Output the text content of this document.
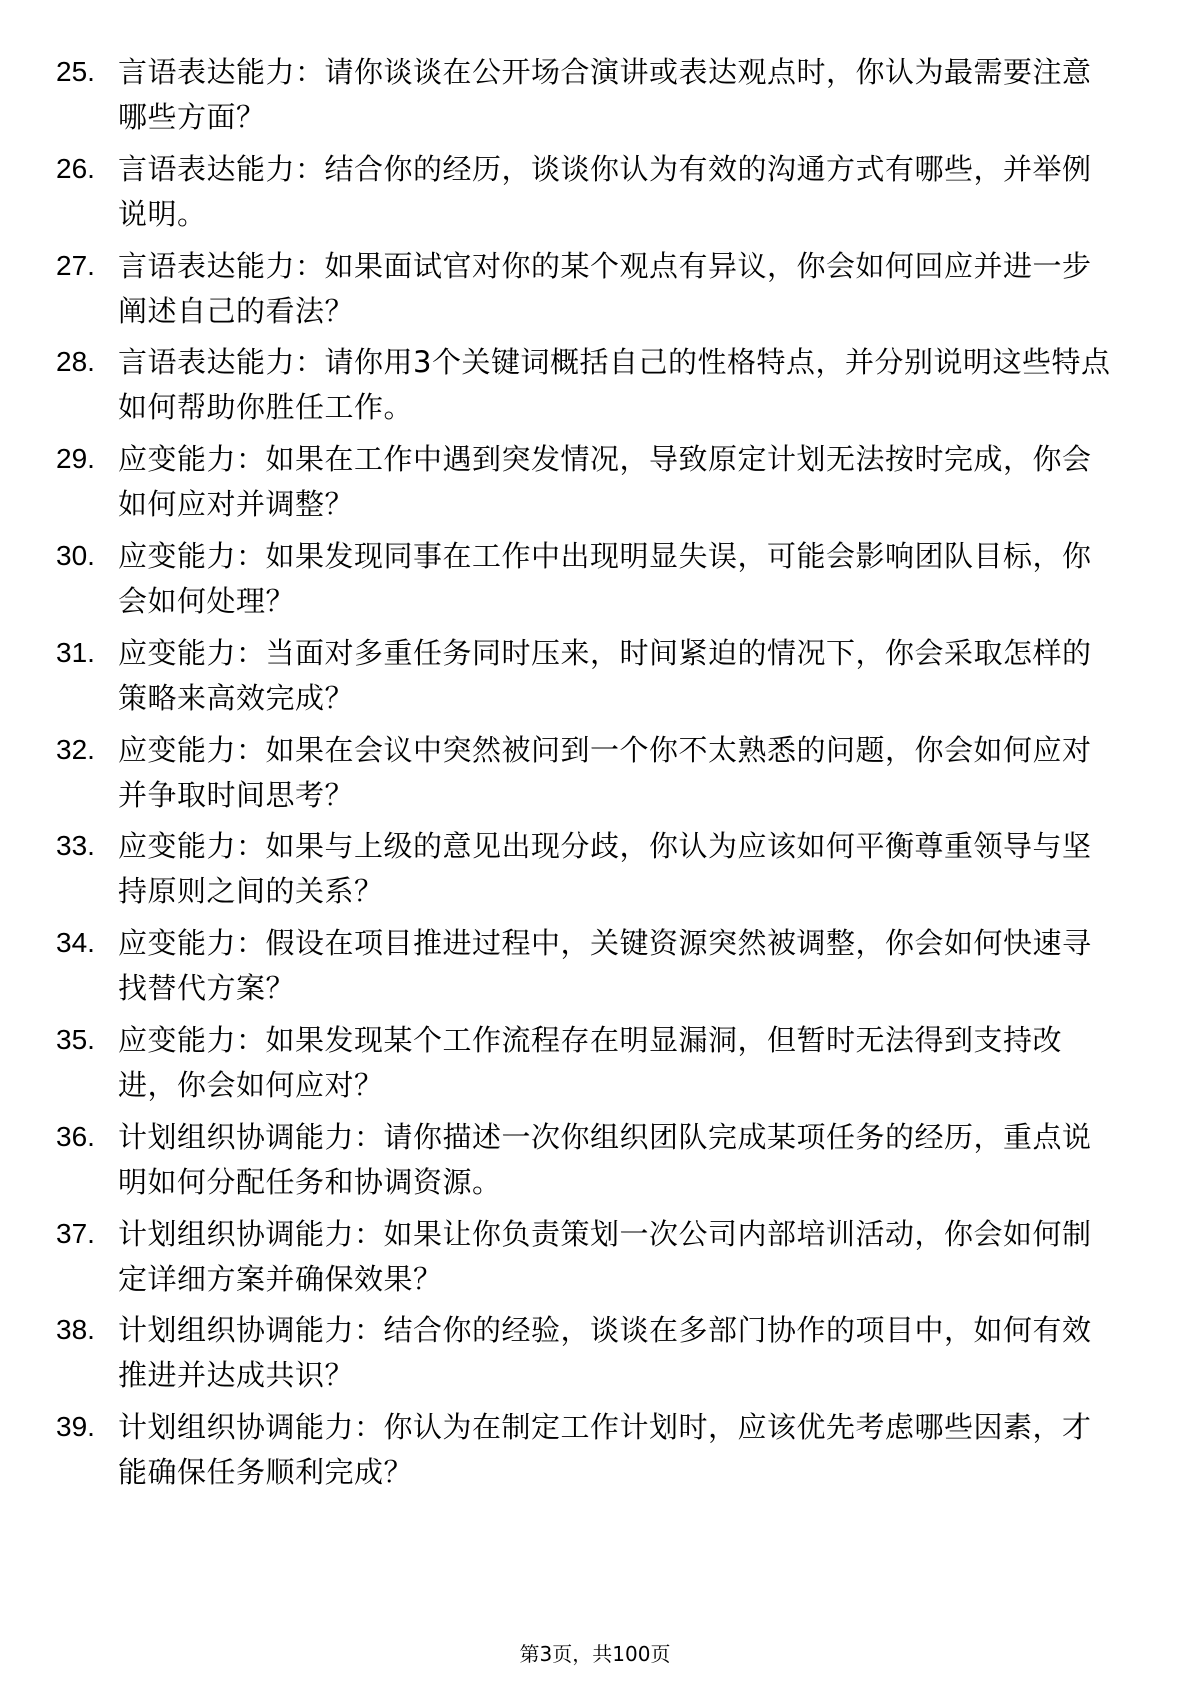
25. 言语表达能力：请你谈谈在公开场合演讲或表达观点时，你认为最需要注意哪些方面？
26. 言语表达能力：结合你的经历，谈谈你认为有效的沟通方式有哪些，并举例说明。
27. 言语表达能力：如果面试官对你的某个观点有异议，你会如何回应并进一步阐述自己的看法？
28. 言语表达能力：请你用3个关键词概括自己的性格特点，并分别说明这些特点如何帮助你胜任工作。
29. 应变能力：如果在工作中遇到突发情况，导致原定计划无法按时完成，你会如何应对并调整？
30. 应变能力：如果发现同事在工作中出现明显失误，可能会影响团队目标，你会如何处理？
31. 应变能力：当面对多重任务同时压来，时间紧迫的情况下，你会采取怎样的策略来高效完成？
32. 应变能力：如果在会议中突然被问到一个你不太熟悉的问题，你会如何应对并争取时间思考？
33. 应变能力：如果与上级的意见出现分歧，你认为应该如何平衡尊重领导与坚持原则之间的关系？
34. 应变能力：假设在项目推进过程中，关键资源突然被调整，你会如何快速寻找替代方案？
35. 应变能力：如果发现某个工作流程存在明显漏洞，但暂时无法得到支持改进，你会如何应对？
36. 计划组织协调能力：请你描述一次你组织团队完成某项任务的经历，重点说明如何分配任务和协调资源。
37. 计划组织协调能力：如果让你负责策划一次公司内部培训活动，你会如何制定详细方案并确保效果？
38. 计划组织协调能力：结合你的经验，谈谈在多部门协作的项目中，如何有效推进并达成共识？
39. 计划组织协调能力：你认为在制定工作计划时，应该优先考虑哪些因素，才能确保任务顺利完成？
第3页，共100页
